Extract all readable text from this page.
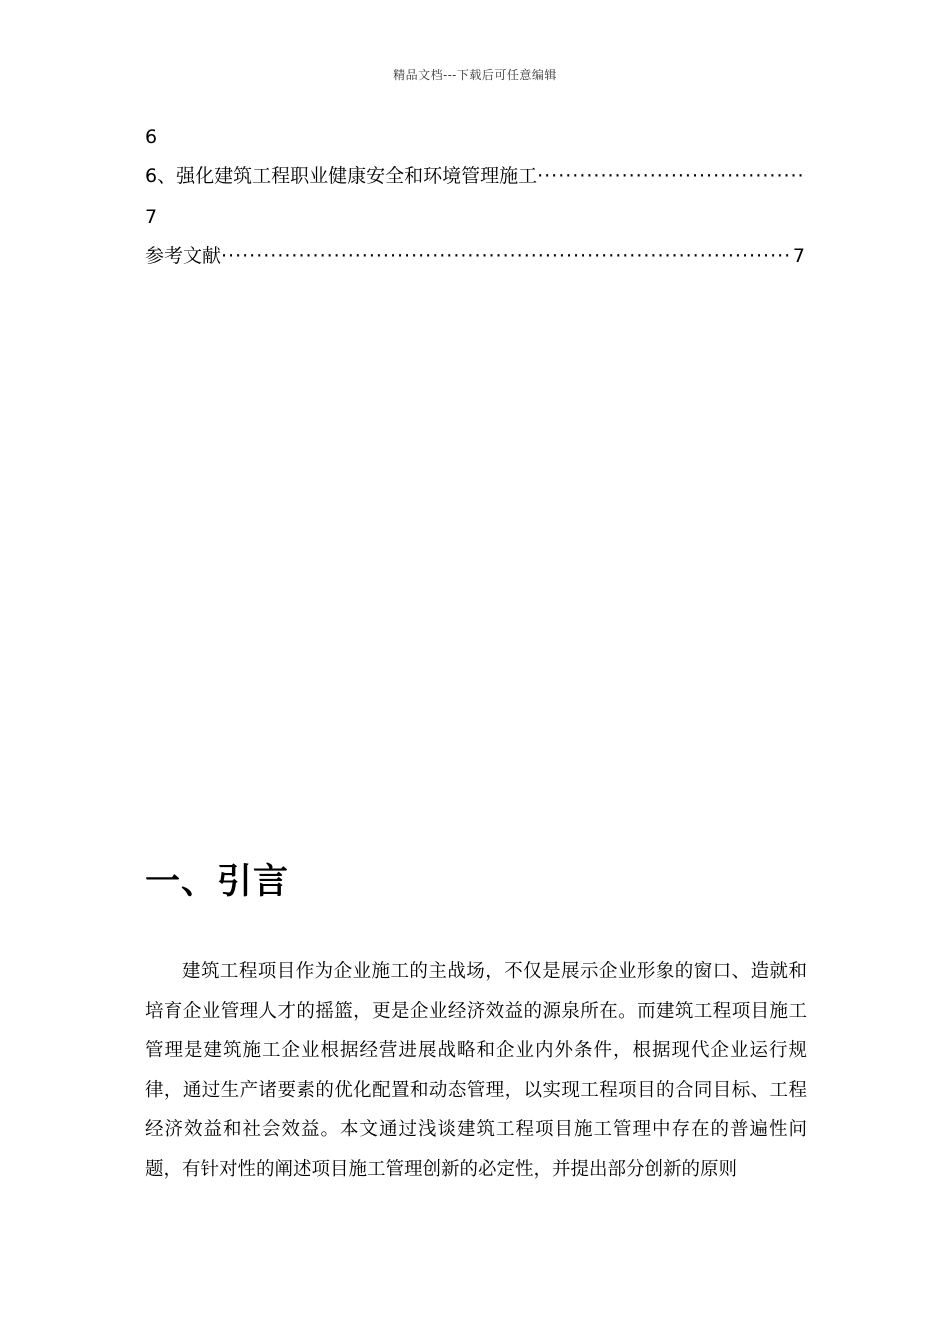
精品文档---下载后可任意编辑
6
6、强化建筑工程职业健康安全和环境管理施工
·····
7
参考文献
·····	7
一、引言

建筑工程项目作为企业施工的主战场，不仅是展示企业形象的窗口、造就和培育企业管理人才的摇篮，更是企业经济效益的源泉所在。而建筑工程项目施工管理是建筑施工企业根据经营进展战略和企业内外条件，根据现代企业运行规律，通过生产诸要素的优化配置和动态管理，以实现工程项目的合同目标、工程经济效益和社会效益。本文通过浅谈建筑工程项目施工管理中存在的普遍性问题，有针对性的阐述项目施工管理创新的必定性，并提出部分创新的原则
